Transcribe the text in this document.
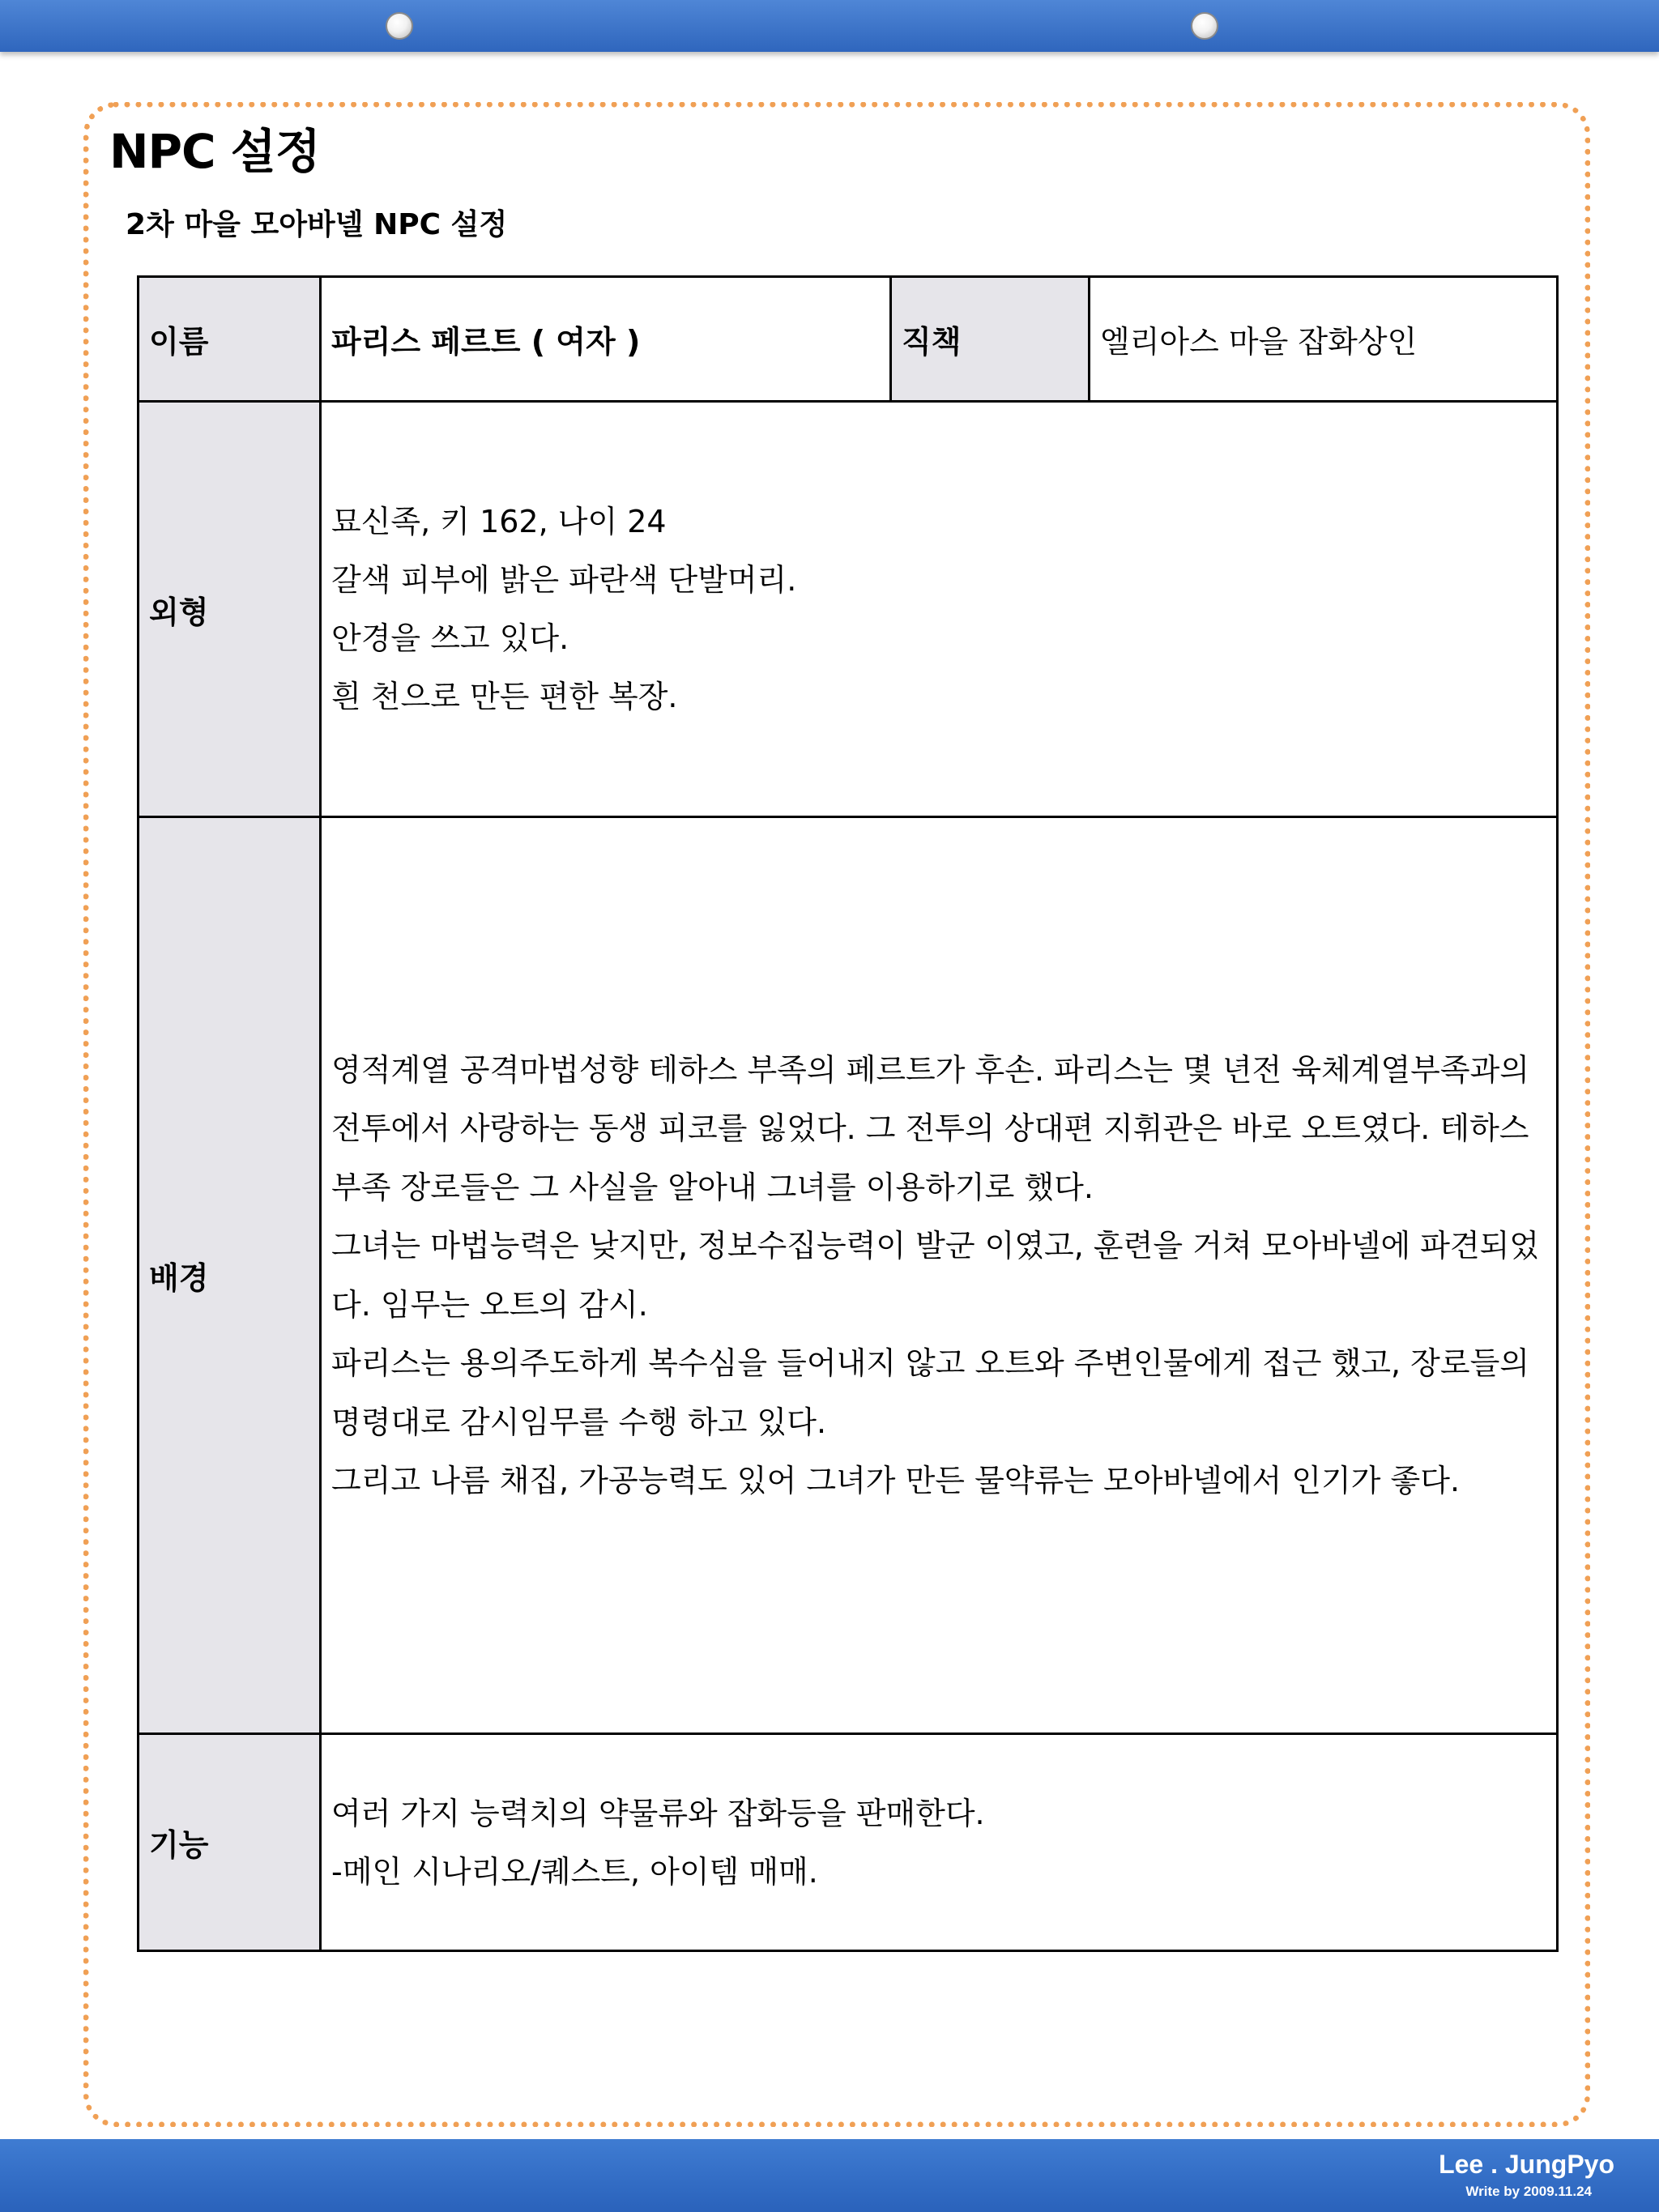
NPC 설정
2차 마을 모아바넬 NPC 설정
이름	파리스 페르트 ( 여자 )	직책	엘리아스 마을 잡화상인
외형	묘신족, 키 162, 나이 24
갈색 피부에 밝은 파란색 단발머리.
안경을 쓰고 있다.
흰 천으로 만든 편한 복장.		

배경	영적계열 공격마법성향 테하스 부족의 페르트가 후손. 파리스는 몇 년전 육체계열부족과의 전투에서 사랑하는 동생 피코를 잃었다. 그 전투의 상대편 지휘관은 바로 오트였다. 테하스 부족 장로들은 그 사실을 알아내 그녀를 이용하기로 했다.
그녀는 마법능력은 낮지만, 정보수집능력이 발군 이였고, 훈련을 거쳐 모아바넬에 파견되었다. 임무는 오트의 감시.
파리스는 용의주도하게 복수심을 들어내지 않고 오트와 주변인물에게 접근 했고, 장로들의 명령대로 감시임무를 수행 하고 있다.
그리고 나름 채집, 가공능력도 있어 그녀가 만든 물약류는 모아바넬에서 인기가 좋다.		

기능	여러 가지 능력치의 약물류와 잡화등을 판매한다.
-메인 시나리오/퀘스트, 아이템 매매.		
Lee . JungPyo
Write by 2009.11.24
